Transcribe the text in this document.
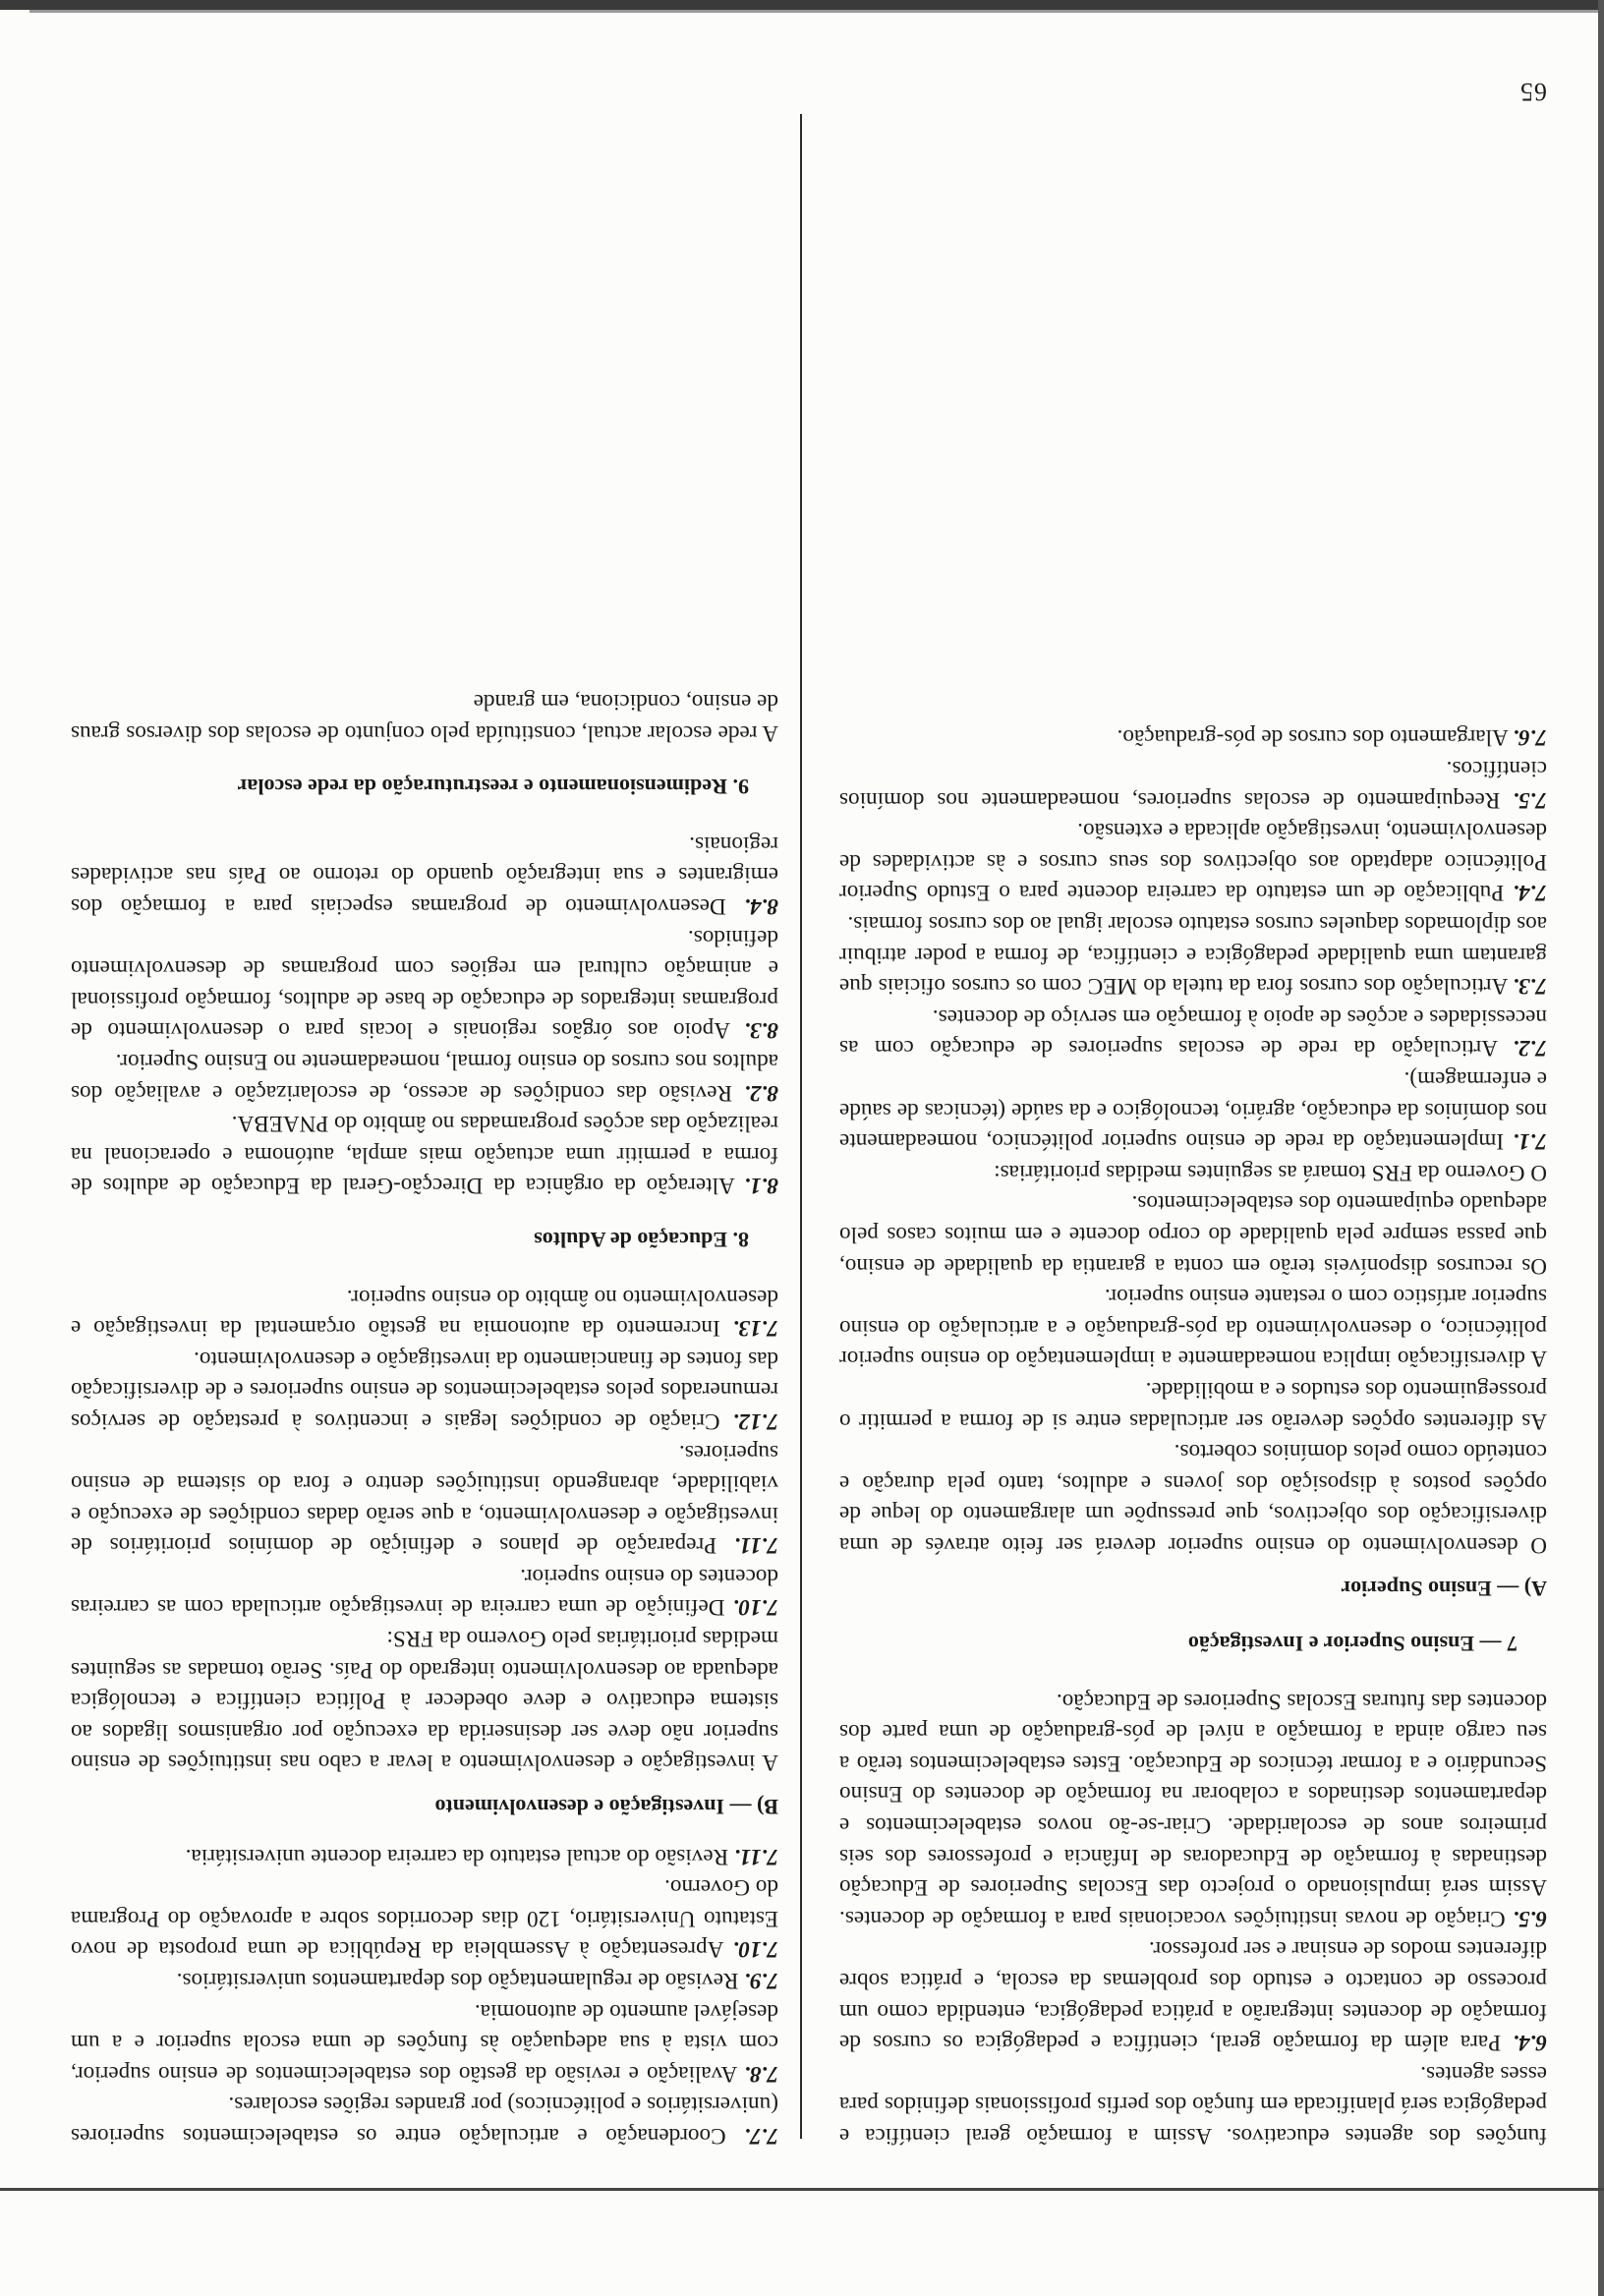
funções dos agentes educativos. Assim a formação geral científica e pedagógica será planificada em função dos perfis profissionais definidos para esses agentes.

6.4. Para além da formação geral, científica e pedagógica os cursos de formação de docentes integrarão a prática pedagógica, entendida como um processo de contacto e estudo dos problemas da escola, e prática sobre diferentes modos de ensinar e ser professor.

6.5. Criação de novas instituições vocacionais para a formação de docentes. Assim será impulsionado o projecto das Escolas Superiores de Educação destinadas à formação de Educadoras de Infância e professores dos seis primeiros anos de escolaridade. Criar-se-ão novos estabelecimentos e departamentos destinados a colaborar na formação de docentes do Ensino Secundário e a formar técnicos de Educação. Estes estabelecimentos terão a seu cargo ainda a formação a nível de pós-graduação de uma parte dos docentes das futuras Escolas Superiores de Educação.

7 — Ensino Superior e Investigação
A) — Ensino Superior

O desenvolvimento do ensino superior deverá ser feito através de uma diversificação dos objectivos, que pressupõe um alargamento do leque de opções postos à disposição dos jovens e adultos, tanto pela duração e conteúdo como pelos domínios cobertos.

As diferentes opções deverão ser articuladas entre si de forma a permitir o prosseguimento dos estudos e a mobilidade.

A diversificação implica nomeadamente a implementação do ensino superior politécnico, o desenvolvimento da pós-graduação e a articulação do ensino superior artístico com o restante ensino superior.

Os recursos disponíveis terão em conta a garantia da qualidade de ensino, que passa sempre pela qualidade do corpo docente e em muitos casos pelo adequado equipamento dos estabelecimentos.

O Governo da FRS tomará as seguintes medidas prioritárias:

7.1. Implementação da rede de ensino superior politécnico, nomeadamente nos domínios da educação, agrário, tecnológico e da saúde (técnicas de saúde e enfermagem).

7.2. Articulação da rede de escolas superiores de educação com as necessidades e acções de apoio à formação em serviço de docentes.

7.3. Articulação dos cursos fora da tutela do MEC com os cursos oficiais que garantam uma qualidade pedagógica e científica, de forma a poder atribuir aos diplomados daqueles cursos estatuto escolar igual ao dos cursos formais.

7.4. Publicação de um estatuto da carreira docente para o Estudo Superior Politécnico adaptado aos objectivos dos seus cursos e às actividades de desenvolvimento, investigação aplicada e extensão.

7.5. Reequipamento de escolas superiores, nomeadamente nos domínios científicos.

7.6. Alargamento dos cursos de pós-graduação.

7.7. Coordenação e articulação entre os estabelecimentos superiores (universitários e politécnicos) por grandes regiões escolares.

7.8. Avaliação e revisão da gestão dos estabelecimentos de ensino superior, com vista à sua adequação às funções de uma escola superior e a um desejável aumento de autonomia.

7.9. Revisão de regulamentação dos departamentos universitários.

7.10. Apresentação à Assembleia da República de uma proposta de novo Estatuto Universitário, 120 dias decorridos sobre a aprovação do Programa do Governo.

7.11. Revisão do actual estatuto da carreira docente universitária.

B) — Investigação e desenvolvimento

A investigação e desenvolvimento a levar a cabo nas instituições de ensino superior não deve ser desinserida da execução por organismos ligados ao sistema educativo e deve obedecer à Política científica e tecnológica adequada ao desenvolvimento integrado do País. Serão tomadas as seguintes medidas prioritárias pelo Governo da FRS:

7.10. Definição de uma carreira de investigação articulada com as carreiras docentes do ensino superior.

7.11. Preparação de planos e definição de domínios prioritários de investigação e desenvolvimento, a que serão dadas condições de execução e viabilidade, abrangendo instituições dentro e fora do sistema de ensino superiores.

7.12. Criação de condições legais e incentivos à prestação de serviços remunerados pelos estabelecimentos de ensino superiores e de diversificação das fontes de financiamento da investigação e desenvolvimento.

7.13. Incremento da autonomia na gestão orçamental da investigação e desenvolvimento no âmbito do ensino superior.

8. Educação de Adultos

8.1. Alteração da orgânica da Direcção-Geral da Educação de adultos de forma a permitir uma actuação mais ampla, autónoma e operacional na realização das acções programadas no âmbito do PNAEBA.

8.2. Revisão das condições de acesso, de escolarização e avaliação dos adultos nos cursos do ensino formal, nomeadamente no Ensino Superior.

8.3. Apoio aos órgãos regionais e locais para o desenvolvimento de programas integrados de educação de base de adultos, formação profissional e animação cultural em regiões com programas de desenvolvimento definidos.

8.4. Desenvolvimento de programas especiais para a formação dos emigrantes e sua integração quando do retorno ao País nas actividades regionais.

9. Redimensionamento e reestruturação da rede escolar

A rede escolar actual, constituída pelo conjunto de escolas dos diversos graus de ensino, condiciona, em grande

65
